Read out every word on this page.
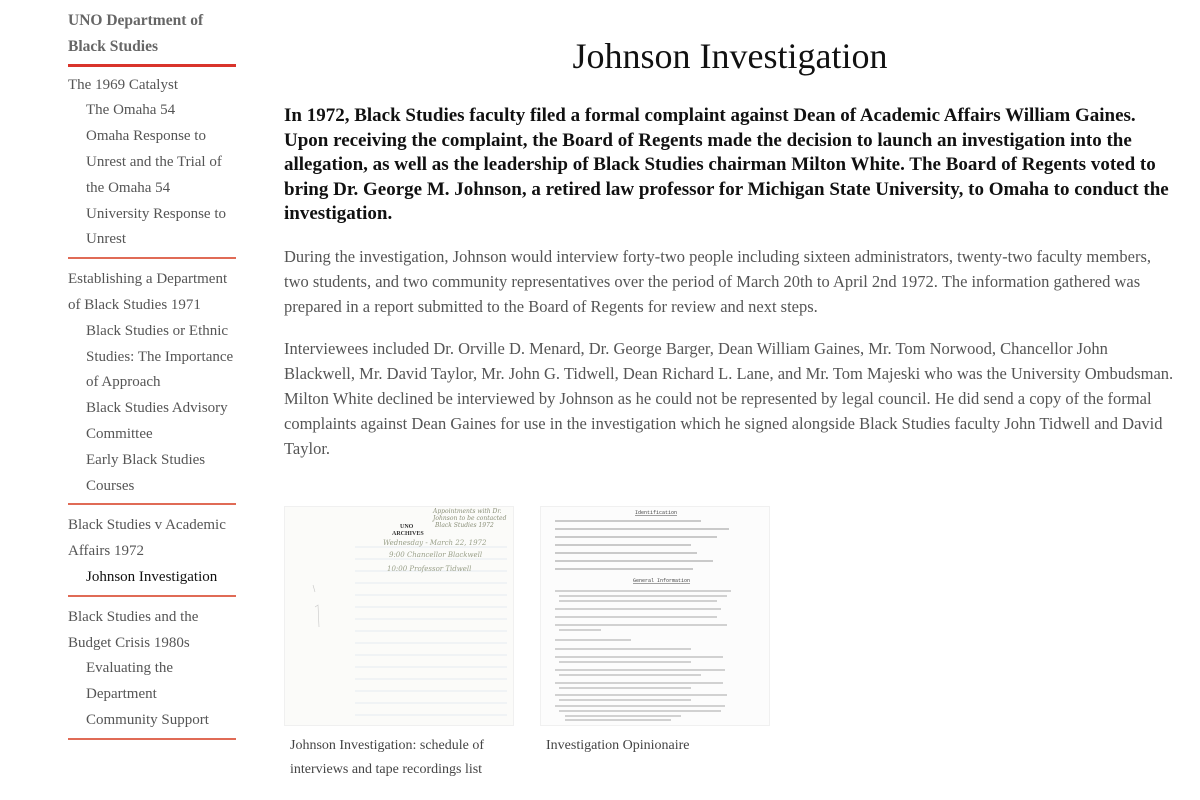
UNO Department of Black Studies
The 1969 Catalyst
The Omaha 54
Omaha Response to Unrest and the Trial of the Omaha 54
University Response to Unrest
Establishing a Department of Black Studies 1971
Black Studies or Ethnic Studies: The Importance of Approach
Black Studies Advisory Committee
Early Black Studies Courses
Black Studies v Academic Affairs 1972
Johnson Investigation
Black Studies and the Budget Crisis 1980s
Evaluating the Department
Community Support
Johnson Investigation

In 1972, Black Studies faculty filed a formal complaint against Dean of Academic Affairs William Gaines. Upon receiving the complaint, the Board of Regents made the decision to launch an investigation into the allegation, as well as the leadership of Black Studies chairman Milton White. The Board of Regents voted to bring Dr. George M. Johnson, a retired law professor for Michigan State University, to Omaha to conduct the investigation.

During the investigation, Johnson would interview forty-two people including sixteen administrators, twenty-two faculty members, two students, and two community representatives over the period of March 20th to April 2nd 1972. The information gathered was prepared in a report submitted to the Board of Regents for review and next steps.

Interviewees included Dr. Orville D. Menard, Dr. George Barger, Dean William Gaines, Mr. Tom Norwood, Chancellor John Blackwell, Mr. David Taylor, Mr. John G. Tidwell, Dean Richard L. Lane, and Mr. Tom Majeski who was the University Ombudsman. Milton White declined be interviewed by Johnson as he could not be represented by legal council. He did send a copy of the formal complaints against Dean Gaines for use in the investigation which he signed alongside Black Studies faculty John Tidwell and David Taylor.

UNO
ARCHIVES
Appointments with Dr.
Johnson to be contacted
Black Studies 1972
Wednesday - March 22, 1972
9:00 Chancellor Blackwell
10:00 Professor Tidwell
Johnson Investigation: schedule of interviews and tape recordings list
Identification
General Information
Investigation Opinionaire
